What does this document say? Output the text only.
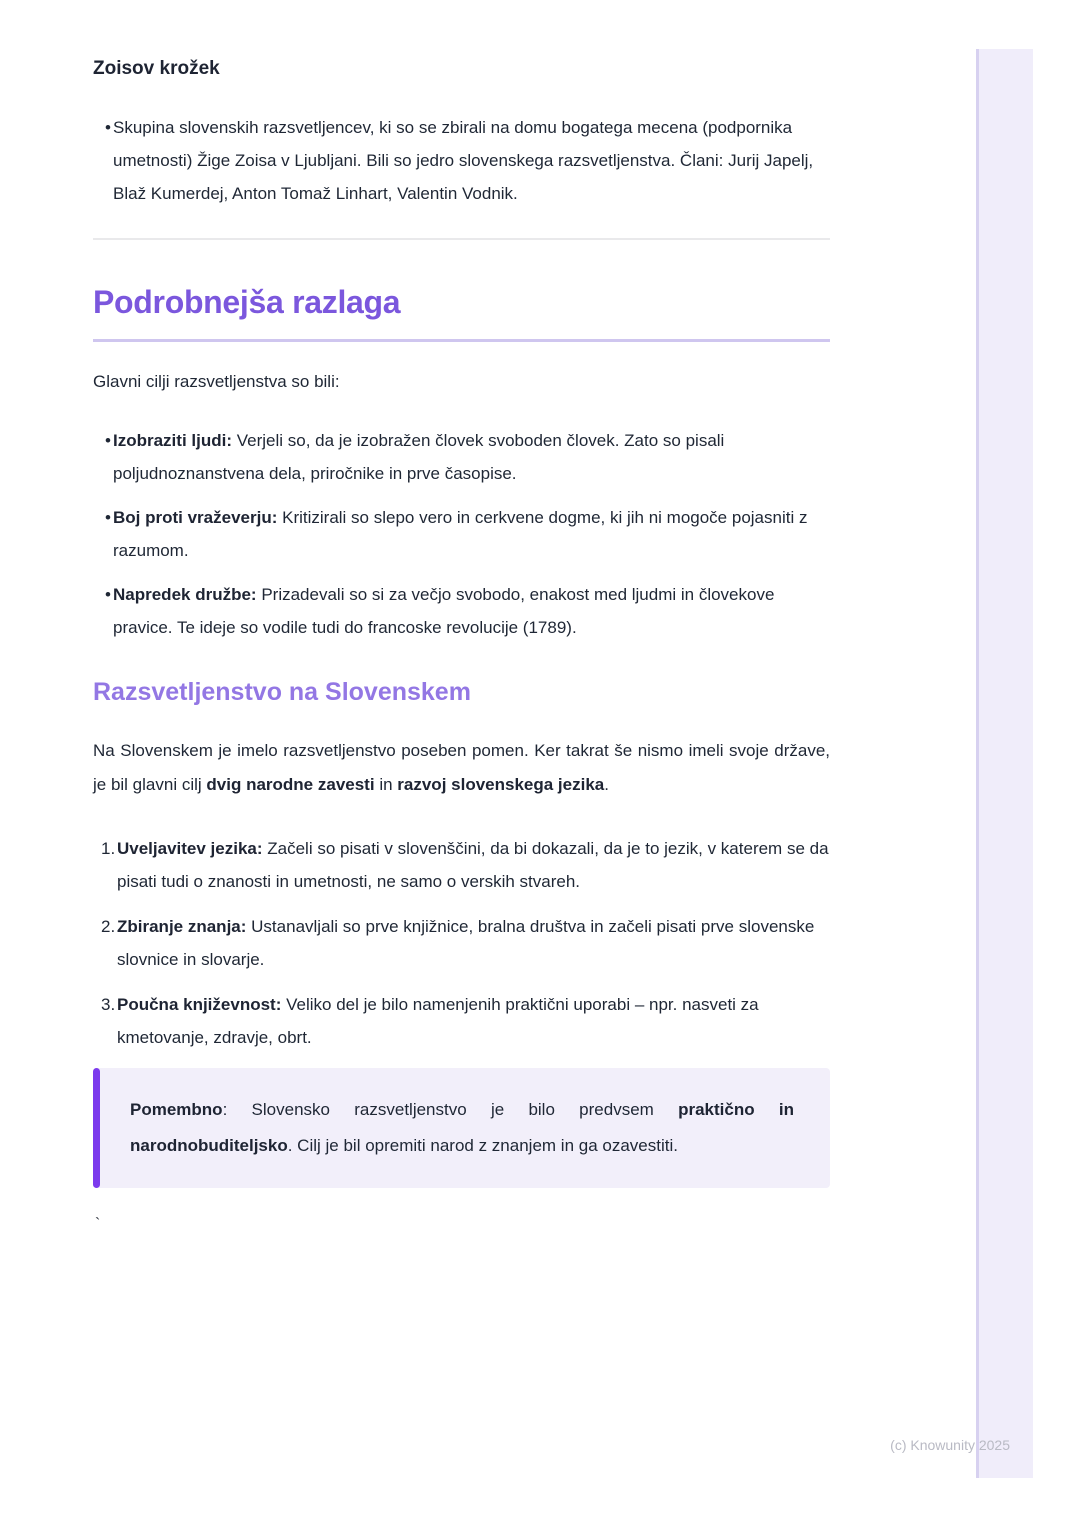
Zoisov krožek
• Skupina slovenskih razsvetljencev, ki so se zbirali na domu bogatega mecena (podpornika umetnosti) Žige Zoisa v Ljubljani. Bili so jedro slovenskega razsvetljenstva. Člani: Jurij Japelj, Blaž Kumerdej, Anton Tomaž Linhart, Valentin Vodnik.
Podrobnejša razlaga

Glavni cilji razsvetljenstva so bili:

• Izobraziti ljudi: Verjeli so, da je izobražen človek svoboden človek. Zato so pisali poljudnoznanstvena dela, priročnike in prve časopise.
• Boj proti vraževerju: Kritizirali so slepo vero in cerkvene dogme, ki jih ni mogoče pojasniti z razumom.
• Napredek družbe: Prizadevali so si za večjo svobodo, enakost med ljudmi in človekove pravice. Te ideje so vodile tudi do francoske revolucije (1789).
Razsvetljenstvo na Slovenskem

Na Slovenskem je imelo razsvetljenstvo poseben pomen. Ker takrat še nismo imeli svoje države, je bil glavni cilj dvig narodne zavesti in razvoj slovenskega jezika.

1. Uveljavitev jezika: Začeli so pisati v slovenščini, da bi dokazali, da je to jezik, v katerem se da pisati tudi o znanosti in umetnosti, ne samo o verskih stvareh.
2. Zbiranje znanja: Ustanavljali so prve knjižnice, bralna društva in začeli pisati prve slovenske slovnice in slovarje.
3. Poučna književnost: Veliko del je bilo namenjenih praktični uporabi – npr. nasveti za kmetovanje, zdravje, obrt.
Pomembno: Slovensko razsvetljenstvo je bilo predvsem praktično in narodnobuditeljsko. Cilj je bil opremiti narod z znanjem in ga ozavestiti.
`
(c) Knowunity 2025
